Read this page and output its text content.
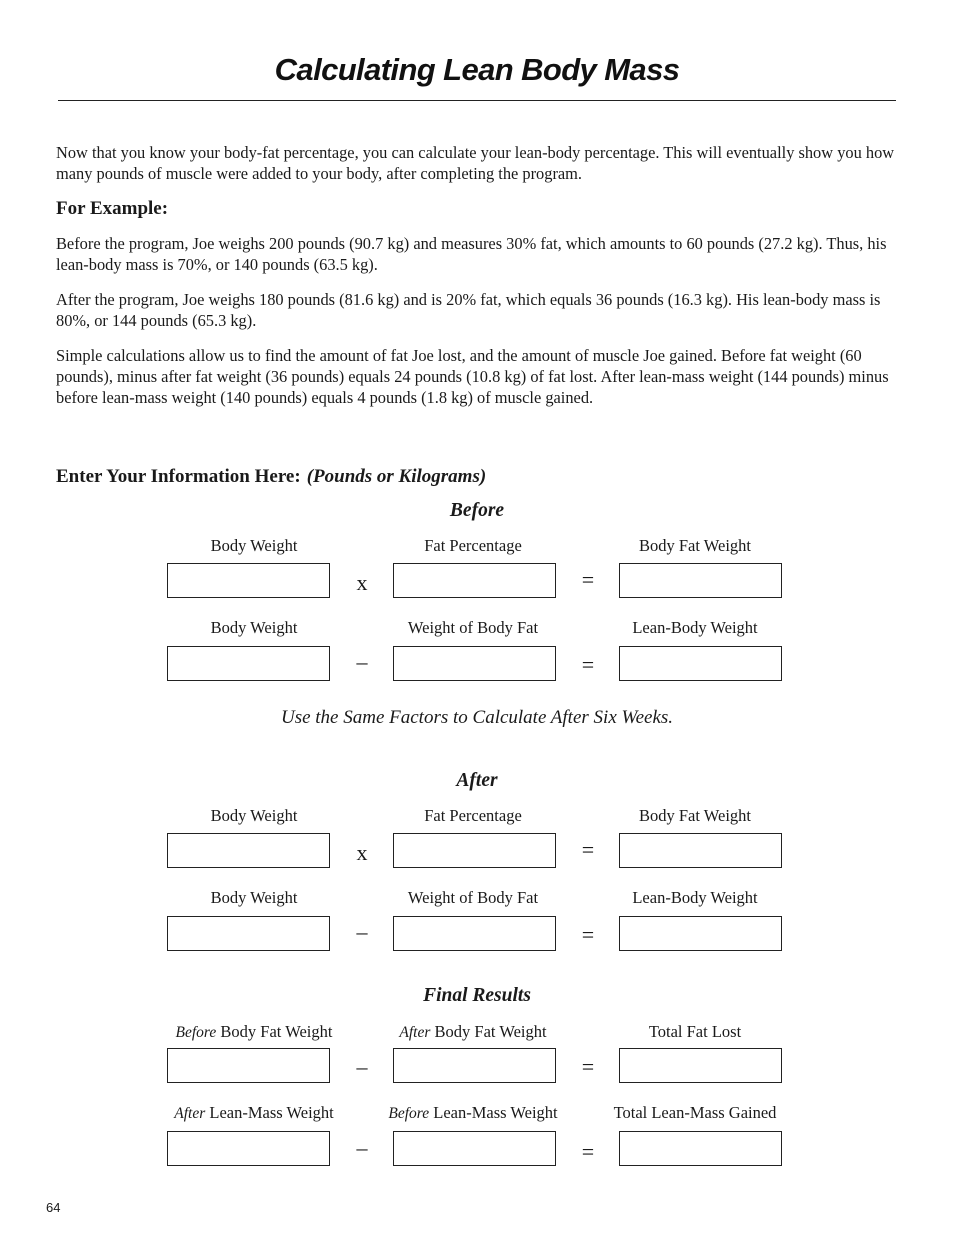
Calculating Lean Body Mass

Now that you know your body-fat percentage, you can calculate your lean-body percentage. This will eventually show you how many pounds of muscle were added to your body, after completing the program.

For Example:

Before the program, Joe weighs 200 pounds (90.7 kg) and measures 30% fat, which amounts to 60 pounds (27.2 kg). Thus, his lean-body mass is 70%, or 140 pounds (63.5 kg).

After the program, Joe weighs 180 pounds (81.6 kg) and is 20% fat, which equals 36 pounds (16.3 kg). His lean-body mass is 80%, or 144 pounds (65.3 kg).

Simple calculations allow us to find the amount of fat Joe lost, and the amount of muscle Joe gained. Before fat weight (60 pounds), minus after fat weight (36 pounds) equals 24 pounds (10.8 kg) of fat lost. After lean-mass weight (144 pounds) minus before lean-mass weight (140 pounds) equals 4 pounds (1.8 kg) of muscle gained.

Enter Your Information Here: (Pounds or Kilograms)

Before

Body Weight	Fat Percentage	Body Fat Weight

x	=

Body Weight	Weight of Body Fat	Lean-Body Weight

–	=

Use the Same Factors to Calculate After Six Weeks.

After

Body Weight	Fat Percentage	Body Fat Weight

x	=

Body Weight	Weight of Body Fat	Lean-Body Weight

–	=

Final Results

Before Body Fat Weight	After Body Fat Weight	Total Fat Lost

–	=

After Lean-Mass Weight	Before Lean-Mass Weight	Total Lean-Mass Gained

–	=

64
